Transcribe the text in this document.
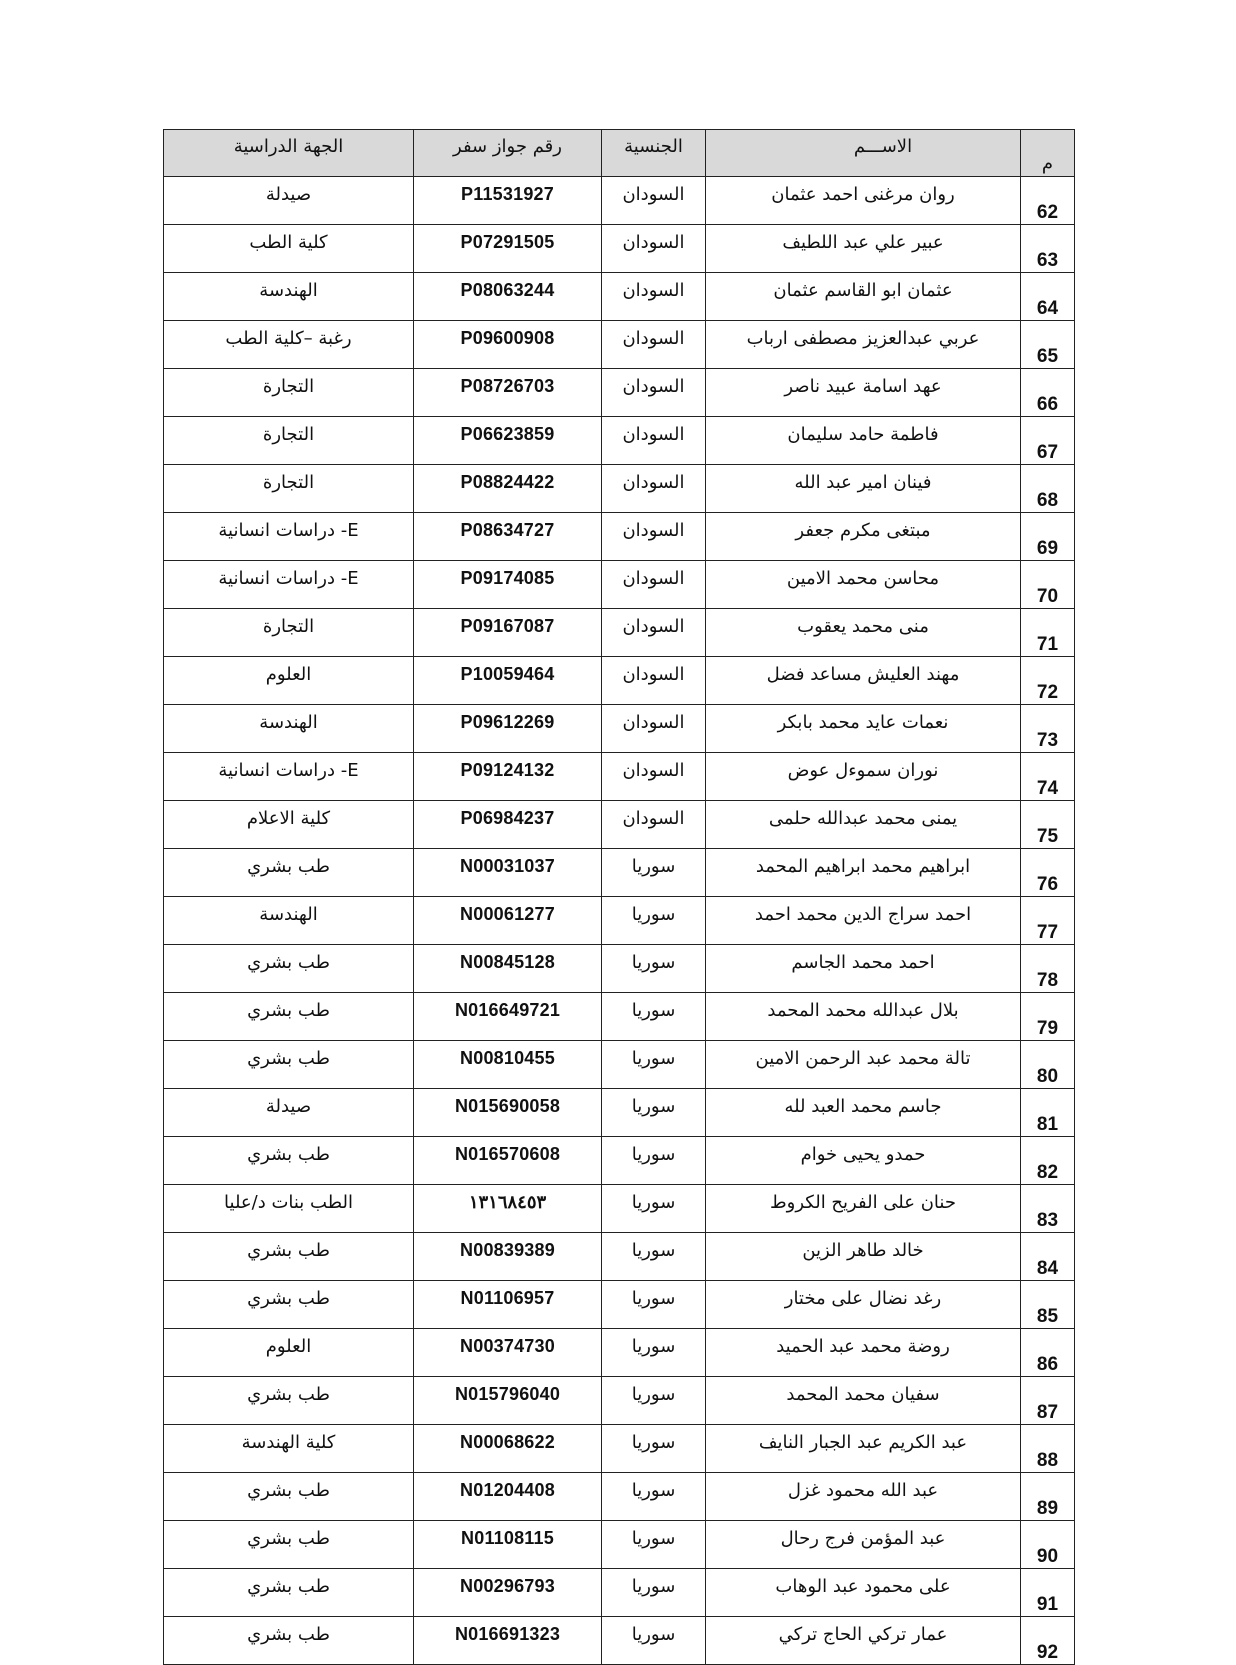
الجهة الدراسية	رقم جواز سفر	الجنسية	الاســـم	م
صيدلة	P11531927	السودان	روان مرغنى احمد عثمان	62
كلية الطب	P07291505	السودان	عبير علي عبد اللطيف	63
الهندسة	P08063244	السودان	عثمان ابو القاسم عثمان	64
رغبة –كلية الطب	P09600908	السودان	عربي عبدالعزيز مصطفى ارباب	65
التجارة	P08726703	السودان	عهد اسامة عبيد ناصر	66
التجارة	P06623859	السودان	فاطمة حامد سليمان	67
التجارة	P08824422	السودان	فينان امير عبد الله	68
E- دراسات انسانية	P08634727	السودان	مبتغى مكرم جعفر	69
E- دراسات انسانية	P09174085	السودان	محاسن محمد الامين	70
التجارة	P09167087	السودان	منى محمد يعقوب	71
العلوم	P10059464	السودان	مهند العليش مساعد فضل	72
الهندسة	P09612269	السودان	نعمات عايد محمد بابكر	73
E- دراسات انسانية	P09124132	السودان	نوران سموءل عوض	74
كلية الاعلام	P06984237	السودان	يمنى محمد عبدالله حلمى	75
طب بشري	N00031037	سوريا	ابراهيم محمد ابراهيم المحمد	76
الهندسة	N00061277	سوريا	احمد سراج الدين محمد احمد	77
طب بشري	N00845128	سوريا	احمد محمد الجاسم	78
طب بشري	N016649721	سوريا	بلال عبدالله محمد المحمد	79
طب بشري	N00810455	سوريا	تالة محمد عبد الرحمن الامين	80
صيدلة	N015690058	سوريا	جاسم محمد العبد لله	81
طب بشري	N016570608	سوريا	حمدو يحيى خوام	82
الطب بنات د/عليا	١٣١٦٨٤٥٣	سوريا	حنان على الفريح الكروط	83
طب بشري	N00839389	سوريا	خالد طاهر الزين	84
طب بشري	N01106957	سوريا	رغد نضال على مختار	85
العلوم	N00374730	سوريا	روضة محمد عبد الحميد	86
طب بشري	N015796040	سوريا	سفيان محمد المحمد	87
كلية الهندسة	N00068622	سوريا	عبد الكريم عبد الجبار النايف	88
طب بشري	N01204408	سوريا	عبد الله محمود غزل	89
طب بشري	N01108115	سوريا	عبد المؤمن فرج رحال	90
طب بشري	N00296793	سوريا	على محمود عبد الوهاب	91
طب بشري	N016691323	سوريا	عمار تركي الحاج تركي	92
